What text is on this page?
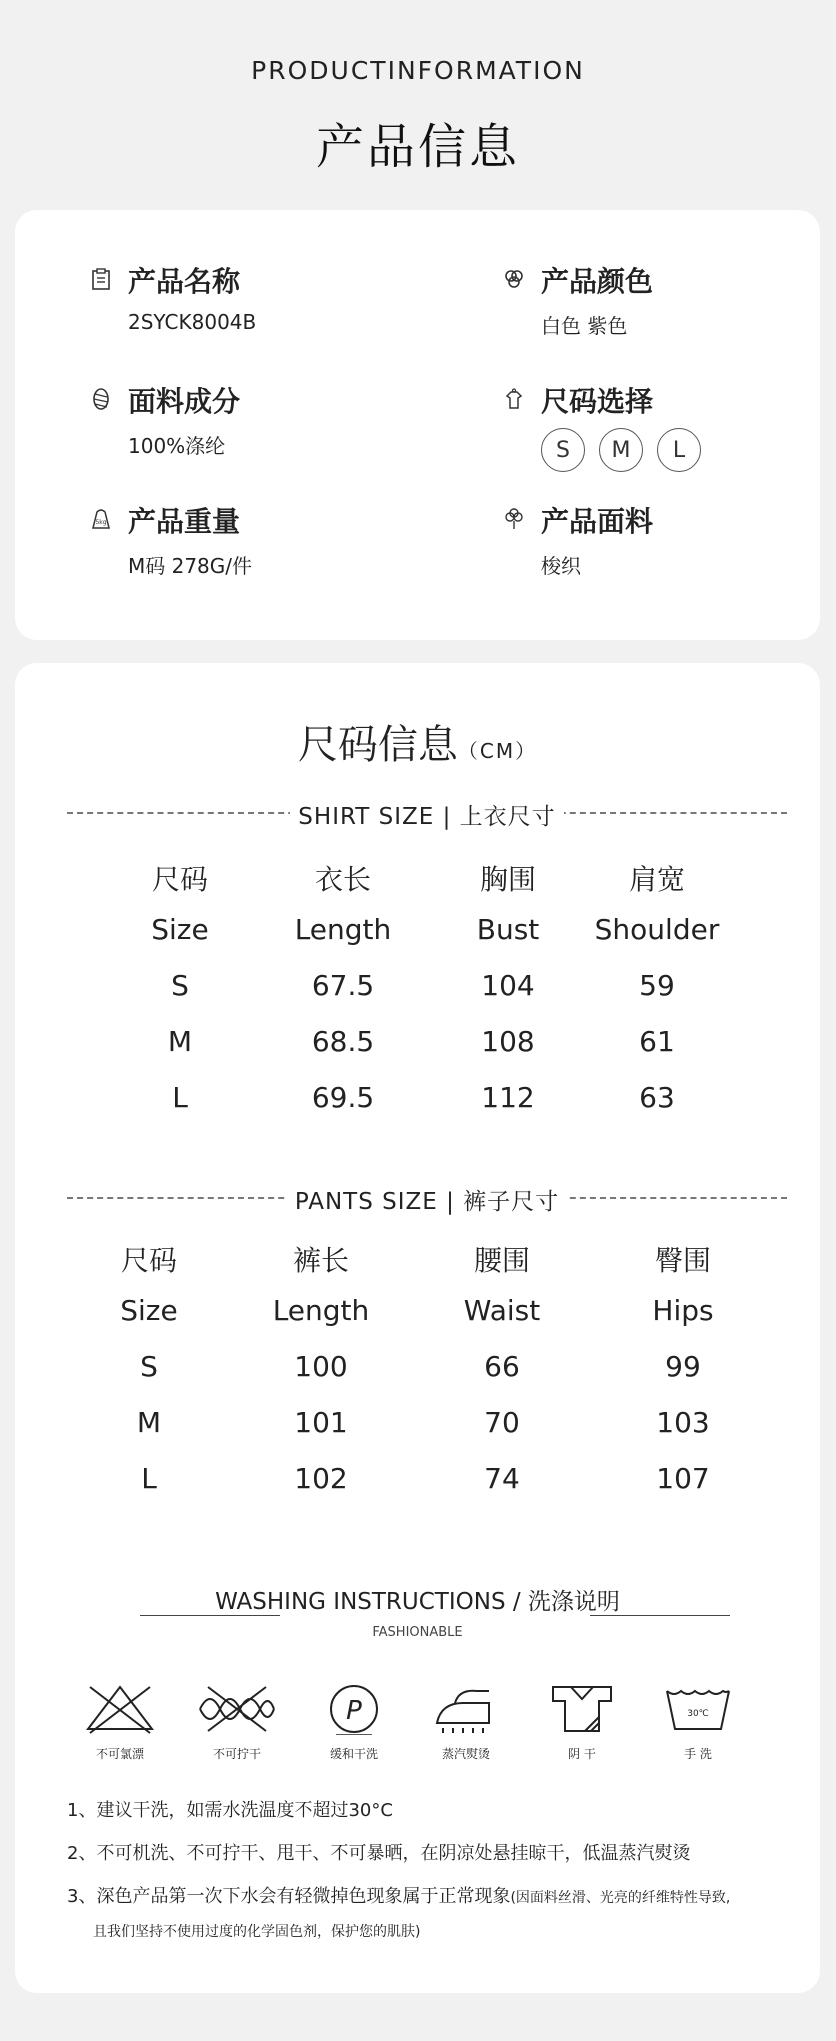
PRODUCTINFORMATION
产品信息
产品名称
2SYCK8004B
产品颜色
白色 紫色
面料成分
100%涤纶
尺码选择
S	M	L
5kg 产品重量
M码 278G/件
产品面料
梭织
尺码信息（CM）
SHIRT SIZE | 上衣尺寸
尺码	衣长	胸围	肩宽
Size	Length	Bust	Shoulder
S	67.5	104	59
M	68.5	108	61
L	69.5	112	63
PANTS SIZE | 裤子尺寸
尺码	裤长	腰围	臀围
Size	Length	Waist	Hips
S	100	66	99
M	101	70	103
L	102	74	107
WASHING INSTRUCTIONS / 洗涤说明
FASHIONABLE
不可氯漂	不可拧干
P
缓和干洗	蒸汽熨烫	阴 干
30℃
手 洗
1、建议干洗，如需水洗温度不超过30°C
2、不可机洗、不可拧干、甩干、不可暴晒，在阴凉处悬挂晾干，低温蒸汽熨烫
3、深色产品第一次下水会有轻微掉色现象属于正常现象(因面料丝滑、光亮的纤维特性导致,
且我们坚持不使用过度的化学固色剂，保护您的肌肤)
